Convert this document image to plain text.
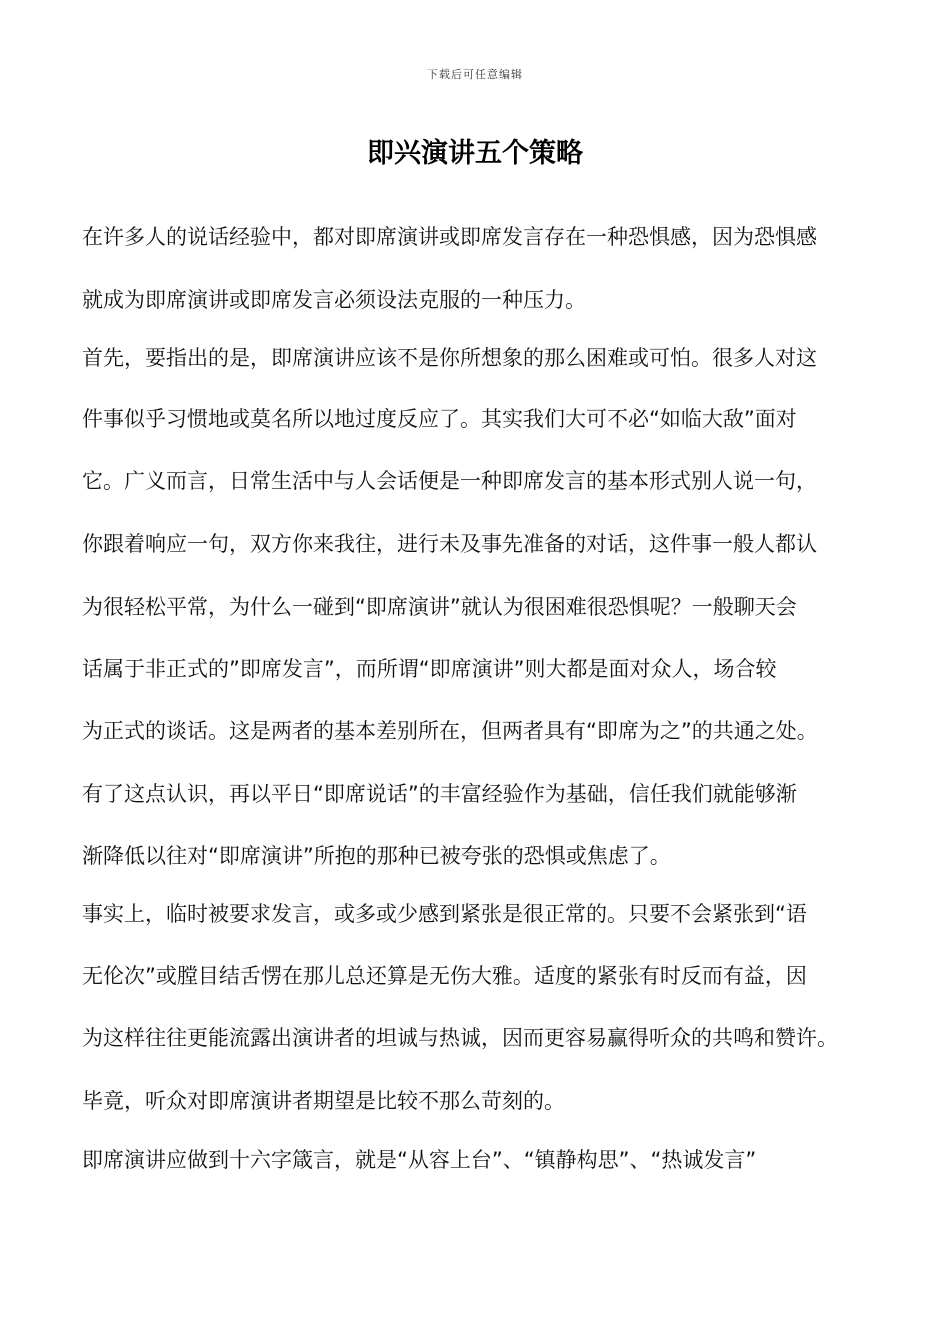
下载后可任意编辑
即兴演讲五个策略

在许多人的说话经验中，都对即席演讲或即席发言存在一种恐惧感，因为恐惧感

就成为即席演讲或即席发言必须设法克服的一种压力。

首先，要指出的是，即席演讲应该不是你所想象的那么困难或可怕。很多人对这

件事似乎习惯地或莫名所以地过度反应了。其实我们大可不必“如临大敌”面对

它。广义而言，日常生活中与人会话便是一种即席发言的基本形式别人说一句，

你跟着响应一句，双方你来我往，进行未及事先准备的对话，这件事一般人都认

为很轻松平常，为什么一碰到“即席演讲”就认为很困难很恐惧呢？一般聊天会

话属于非正式的”即席发言”，而所谓“即席演讲”则大都是面对众人，场合较

为正式的谈话。这是两者的基本差别所在，但两者具有“即席为之”的共通之处。

有了这点认识，再以平日“即席说话”的丰富经验作为基础，信任我们就能够渐

渐降低以往对“即席演讲”所抱的那种已被夸张的恐惧或焦虑了。

事实上，临时被要求发言，或多或少感到紧张是很正常的。只要不会紧张到“语

无伦次”或膛目结舌愣在那儿总还算是无伤大雅。适度的紧张有时反而有益，因

为这样往往更能流露出演讲者的坦诚与热诚，因而更容易赢得听众的共鸣和赞许。

毕竟，听众对即席演讲者期望是比较不那么苛刻的。

即席演讲应做到十六字箴言，就是“从容上台”、“镇静构思”、“热诚发言”
